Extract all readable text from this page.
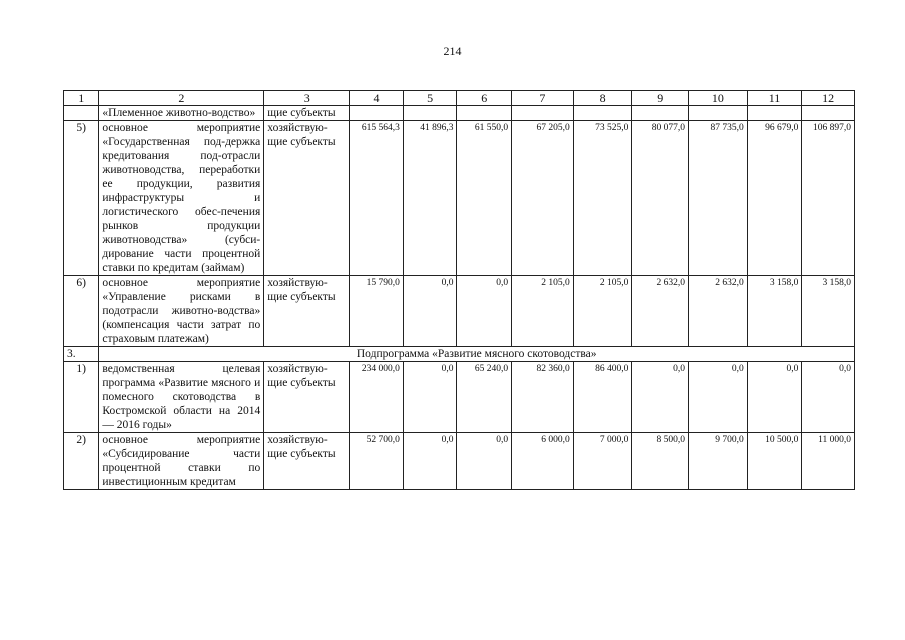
214
1	2	3	4	5	6	7	8	9	10	11	12
	«Племенное животно-водство»	щие субъекты									
5)	основное мероприятие «Государственная под-держка кредитования под-отрасли животноводства, переработки ее продукции, развития инфраструктуры и логистического обес-печения рынков продукции животноводства» (субси-дирование части процентной ставки по кредитам (займам)	хозяйствую-щие субъекты	615 564,3	41 896,3	61 550,0	67 205,0	73 525,0	80 077,0	87 735,0	96 679,0	106 897,0
6)	основное мероприятие «Управление рисками в подотрасли животно-водства» (компенсация части затрат по страховым платежам)	хозяйствую-щие субъекты	15 790,0	0,0	0,0	2 105,0	2 105,0	2 632,0	2 632,0	3 158,0	3 158,0
3.	Подпрограмма «Развитие мясного скотоводства»										
1)	ведомственная целевая программа «Развитие мясного и помесного скотоводства в Костромской области на 2014 — 2016 годы»	хозяйствую-щие субъекты	234 000,0	0,0	65 240,0	82 360,0	86 400,0	0,0	0,0	0,0	0,0
2)	основное мероприятие «Субсидирование части процентной ставки по инвестиционным кредитам	хозяйствую-щие субъекты	52 700,0	0,0	0,0	6 000,0	7 000,0	8 500,0	9 700,0	10 500,0	11 000,0
